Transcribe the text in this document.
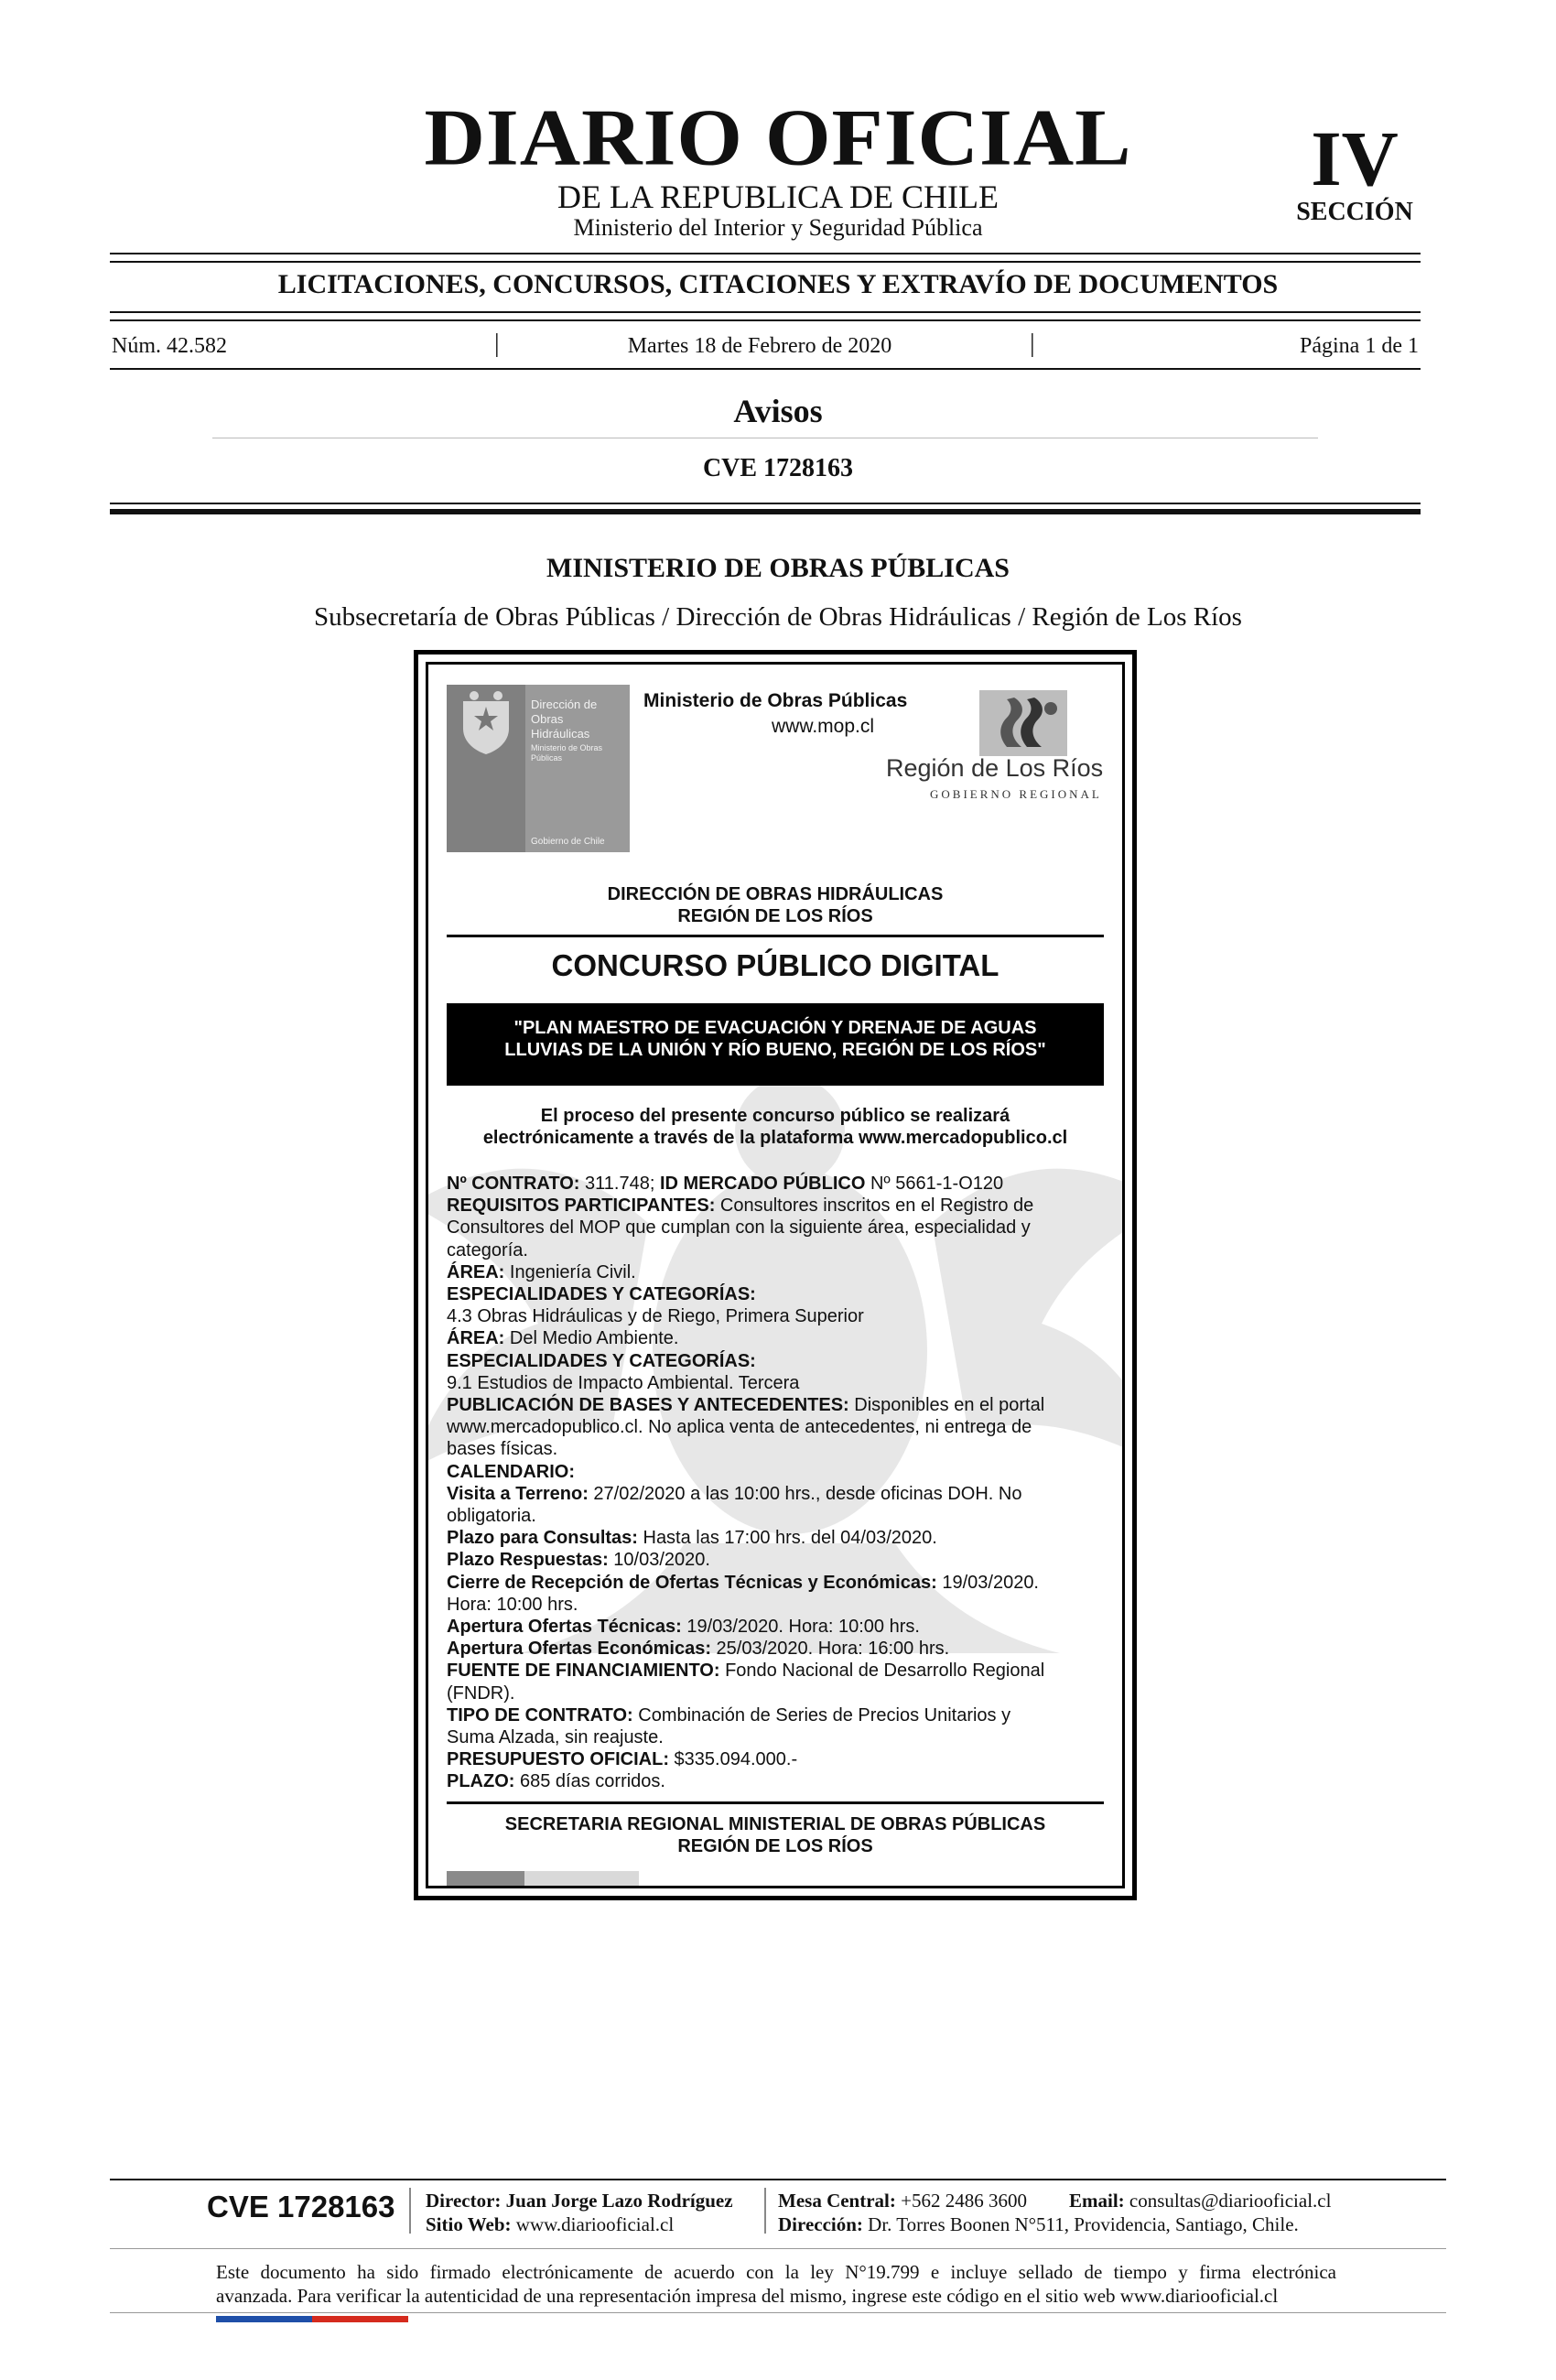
DIARIO OFICIAL
DE LA REPUBLICA DE CHILE
Ministerio del Interior y Seguridad Pública
IV
SECCIÓN
LICITACIONES, CONCURSOS, CITACIONES Y EXTRAVÍO DE DOCUMENTOS
Núm. 42.582	|	Martes 18 de Febrero de 2020	|	Página 1 de 1
Avisos
CVE 1728163
MINISTERIO DE OBRAS PÚBLICAS
Subsecretaría de Obras Públicas / Dirección de Obras Hidráulicas / Región de Los Ríos
Dirección de
Obras
Hidráulicas
Ministerio de Obras
Públicas
Gobierno de Chile
Ministerio de Obras Públicas
www.mop.cl
Región de Los Ríos
GOBIERNO REGIONAL
DIRECCIÓN DE OBRAS HIDRÁULICAS
REGIÓN DE LOS RÍOS
CONCURSO PÚBLICO DIGITAL
"PLAN MAESTRO DE EVACUACIÓN Y DRENAJE DE AGUAS
LLUVIAS DE LA UNIÓN Y RÍO BUENO, REGIÓN DE LOS RÍOS"
El proceso del presente concurso público se realizará
electrónicamente a través de la plataforma www.mercadopublico.cl
Nº CONTRATO: 311.748; ID MERCADO PÚBLICO Nº 5661-1-O120
REQUISITOS PARTICIPANTES: Consultores inscritos en el Registro de
Consultores del MOP que cumplan con la siguiente área, especialidad y
categoría.
ÁREA: Ingeniería Civil.
ESPECIALIDADES Y CATEGORÍAS:
4.3 Obras Hidráulicas y de Riego, Primera Superior
ÁREA: Del Medio Ambiente.
ESPECIALIDADES Y CATEGORÍAS:
9.1 Estudios de Impacto Ambiental. Tercera
PUBLICACIÓN DE BASES Y ANTECEDENTES: Disponibles en el portal
www.mercadopublico.cl. No aplica venta de antecedentes, ni entrega de
bases físicas.
CALENDARIO:
Visita a Terreno: 27/02/2020 a las 10:00 hrs., desde oficinas DOH. No
obligatoria.
Plazo para Consultas: Hasta las 17:00 hrs. del 04/03/2020.
Plazo Respuestas: 10/03/2020.
Cierre de Recepción de Ofertas Técnicas y Económicas: 19/03/2020.
Hora: 10:00 hrs.
Apertura Ofertas Técnicas: 19/03/2020. Hora: 10:00 hrs.
Apertura Ofertas Económicas: 25/03/2020. Hora: 16:00 hrs.
FUENTE DE FINANCIAMIENTO: Fondo Nacional de Desarrollo Regional
(FNDR).
TIPO DE CONTRATO: Combinación de Series de Precios Unitarios y
Suma Alzada, sin reajuste.
PRESUPUESTO OFICIAL: $335.094.000.-
PLAZO: 685 días corridos.
SECRETARIA REGIONAL MINISTERIAL DE OBRAS PÚBLICAS
REGIÓN DE LOS RÍOS
CVE 1728163 Director: Juan Jorge Lazo Rodríguez
Sitio Web: www.diariooficial.cl
Mesa Central: +562 2486 3600 Email: consultas@diariooficial.cl
Dirección: Dr. Torres Boonen N°511, Providencia, Santiago, Chile.
Este documento ha sido firmado electrónicamente de acuerdo con la ley N°19.799 e incluye sellado de tiempo y firma electrónica
avanzada. Para verificar la autenticidad de una representación impresa del mismo, ingrese este código en el sitio web www.diariooficial.cl
